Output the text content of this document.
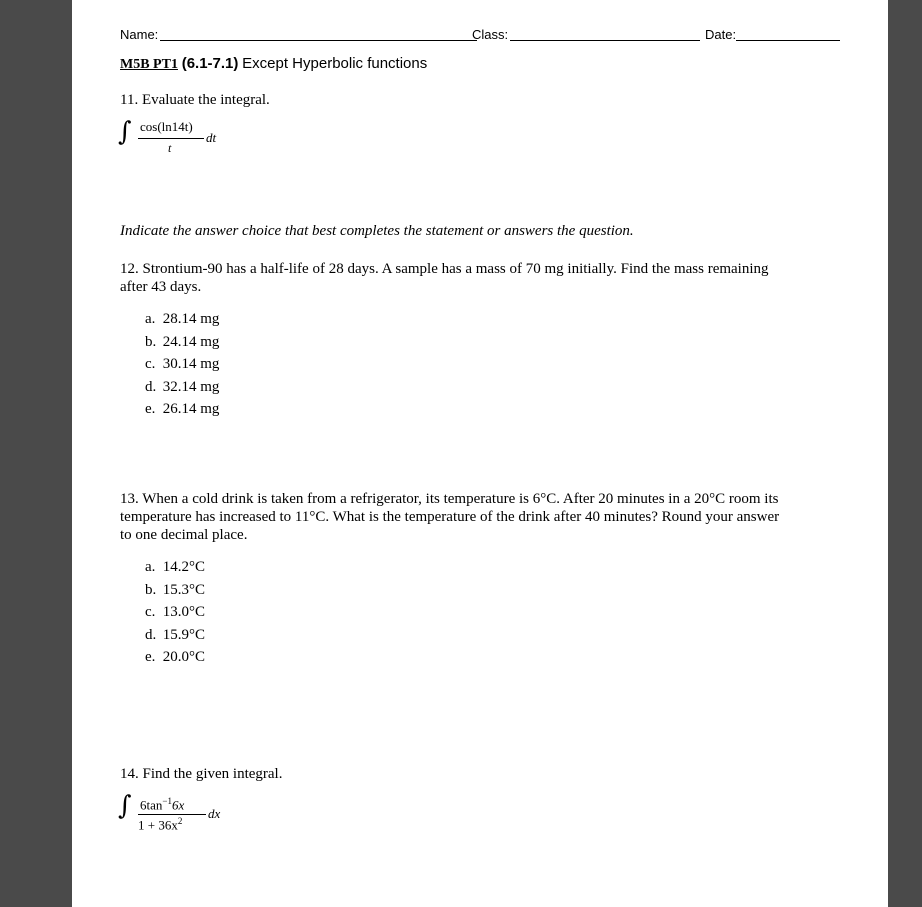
Name:	Class:	Date:
M5B PT1 (6.1-7.1) Except Hyperbolic functions
11. Evaluate the integral.
∫ cos(ln14t)
t
dt
Indicate the answer choice that best completes the statement or answers the question.
12. Strontium-90 has a half-life of 28 days. A sample has a mass of 70 mg initially. Find the mass remaining
after 43 days.
a. 28.14 mg
b. 24.14 mg
c. 30.14 mg
d. 32.14 mg
e. 26.14 mg
13. When a cold drink is taken from a refrigerator, its temperature is 6°C. After 20 minutes in a 20°C room its
temperature has increased to 11°C. What is the temperature of the drink after 40 minutes? Round your answer
to one decimal place.
a. 14.2°C
b. 15.3°C
c. 13.0°C
d. 15.9°C
e. 20.0°C
14. Find the given integral.
∫ $6\tan^{-1}6x$
$1 + 36x^2$ dx
